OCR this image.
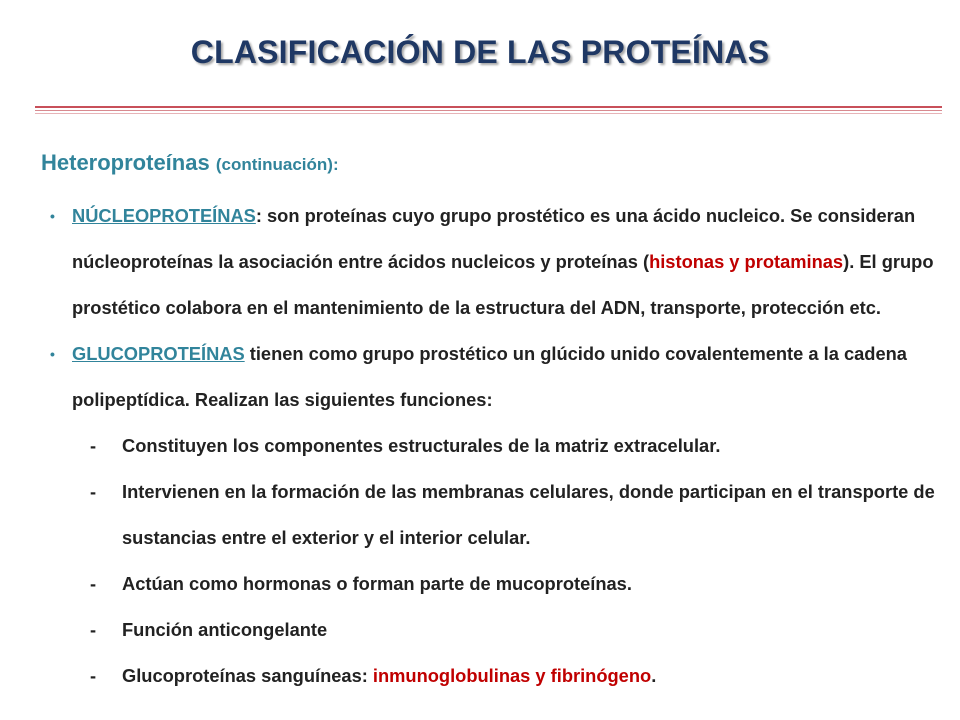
CLASIFICACIÓN DE LAS PROTEÍNAS
Heteroproteínas (continuación):
• NÚCLEOPROTEÍNAS: son proteínas cuyo grupo prostético es una ácido nucleico. Se consideran núcleoproteínas la asociación entre ácidos nucleicos y proteínas (histonas y protaminas). El grupo prostético colabora en el mantenimiento de la estructura del ADN, transporte, protección etc.
• GLUCOPROTEÍNAS tienen como grupo prostético un glúcido unido covalentemente a la cadena polipeptídica. Realizan las siguientes funciones:
- Constituyen los componentes estructurales de la matriz extracelular.
- Intervienen en la formación de las membranas celulares, donde participan en el transporte de sustancias entre el exterior y el interior celular.
- Actúan como hormonas o forman parte de mucoproteínas.
- Función anticongelante
- Glucoproteínas sanguíneas: inmunoglobulinas y fibrinógeno.
